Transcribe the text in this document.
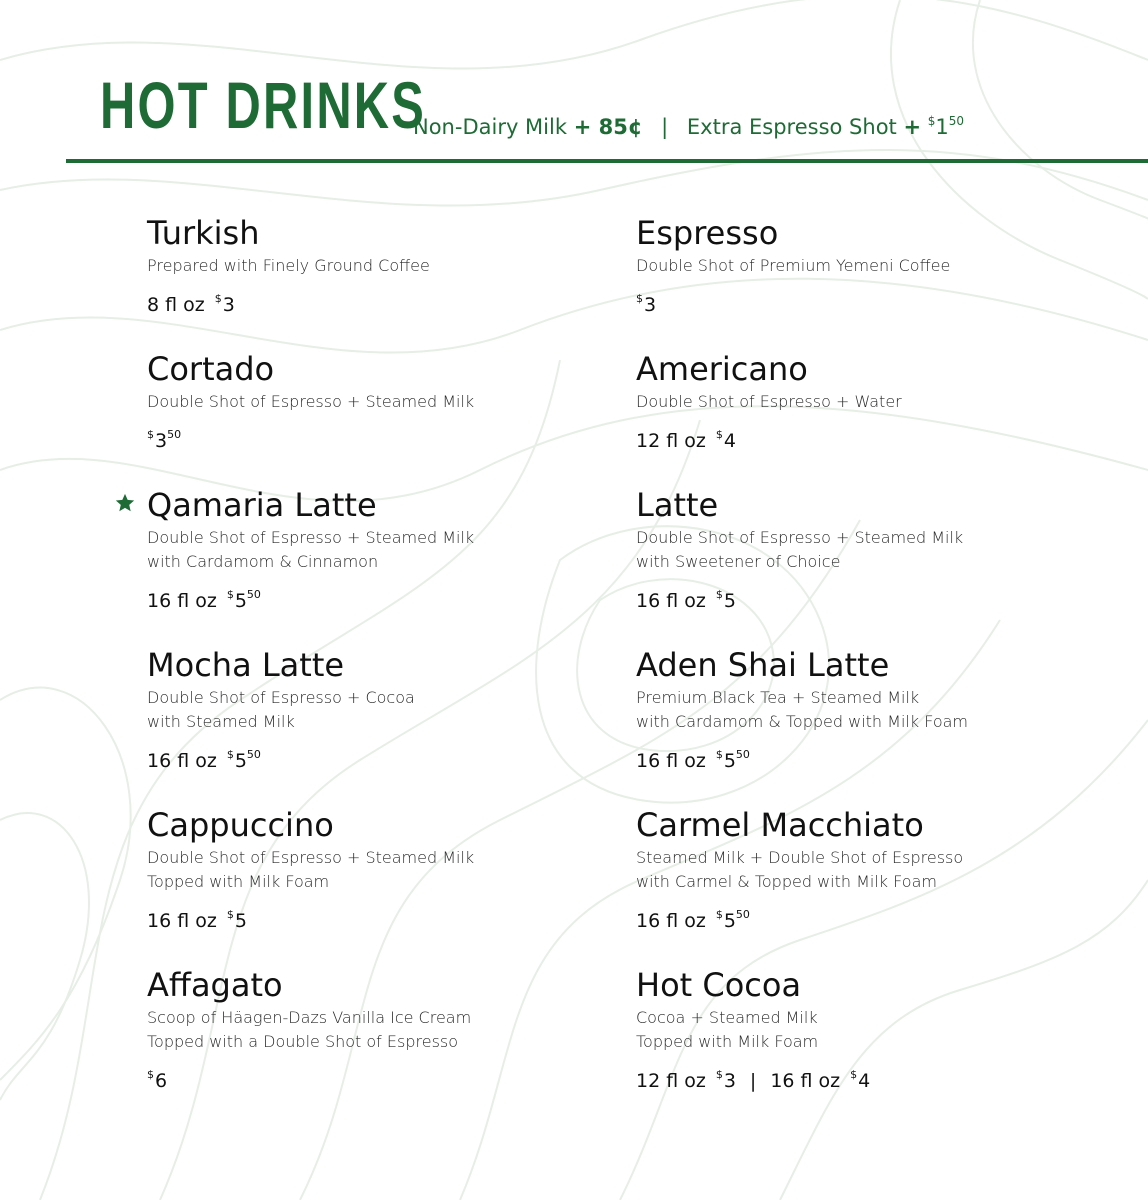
HOT DRINKS
Non-Dairy Milk + 85¢ | Extra Espresso Shot + $^{\$}1^{50}$
Turkish
Prepared with Finely Ground Coffee
8 fl oz $3
Cortado
Double Shot of Espresso + Steamed Milk
$^{\$}3^{50}$
Qamaria Latte
Double Shot of Espresso + Steamed Milk
with Cardamom & Cinnamon
16 fl oz $^{\$}5^{50}$
Mocha Latte
Double Shot of Espresso + Cocoa
with Steamed Milk
16 fl oz $^{\$}5^{50}$
Cappuccino
Double Shot of Espresso + Steamed Milk
Topped with Milk Foam
16 fl oz $5
Affagato
Scoop of Häagen-Dazs Vanilla Ice Cream
Topped with a Double Shot of Espresso
$6
Espresso
Double Shot of Premium Yemeni Coffee
$3
Americano
Double Shot of Espresso + Water
12 fl oz $4
Latte
Double Shot of Espresso + Steamed Milk
with Sweetener of Choice
16 fl oz $5
Aden Shai Latte
Premium Black Tea + Steamed Milk
with Cardamom & Topped with Milk Foam
16 fl oz $^{\$}5^{50}$
Carmel Macchiato
Steamed Milk + Double Shot of Espresso
with Carmel & Topped with Milk Foam
16 fl oz $^{\$}5^{50}$
Hot Cocoa
Cocoa + Steamed Milk
Topped with Milk Foam
12 fl oz $3 | 16 fl oz $4
